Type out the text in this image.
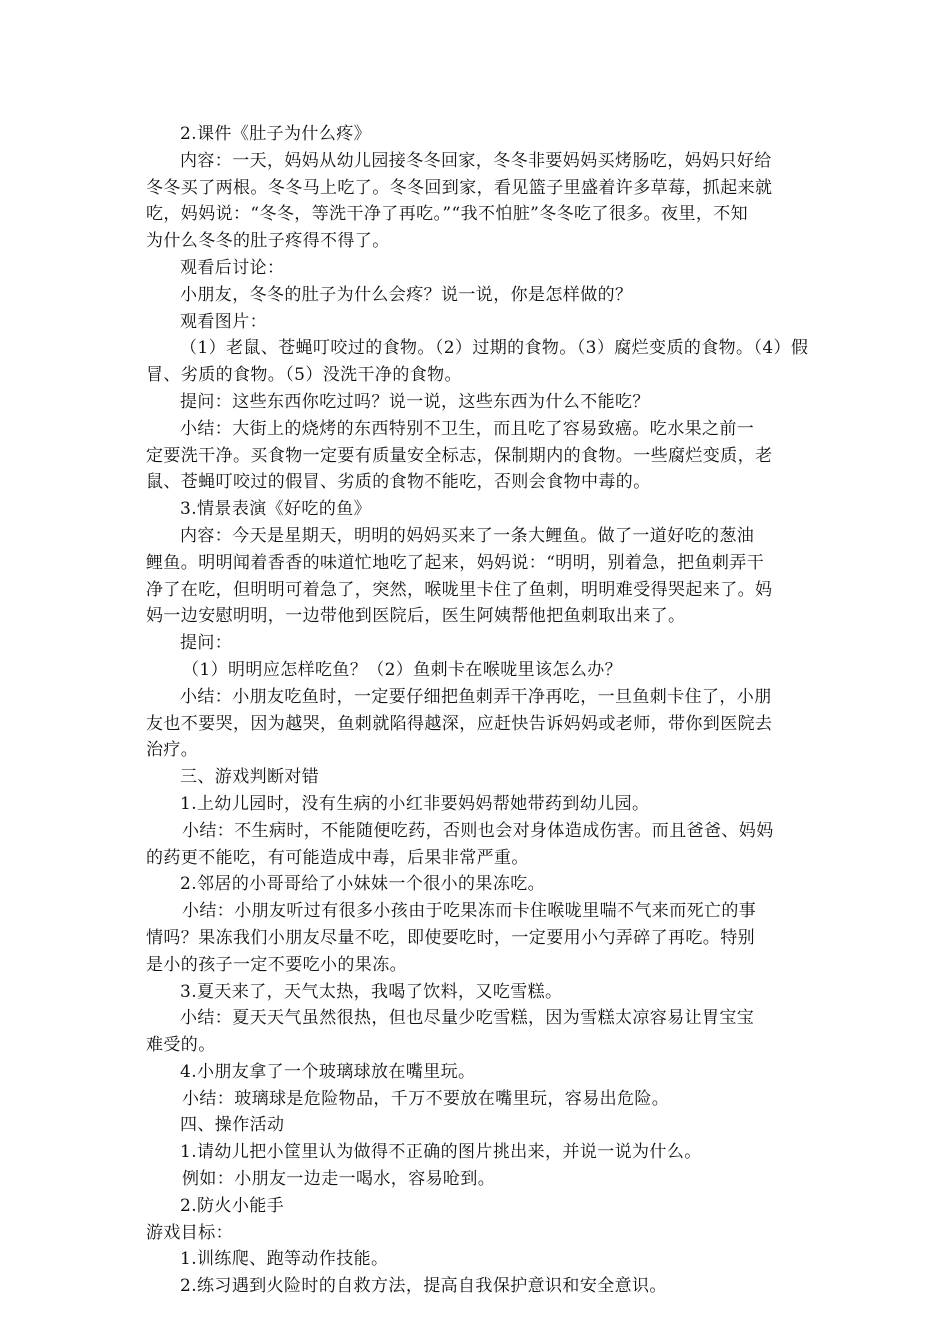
2.课件《肚子为什么疼》
内容：一天，妈妈从幼儿园接冬冬回家，冬冬非要妈妈买烤肠吃，妈妈只好给
冬冬买了两根。冬冬马上吃了。冬冬回到家，看见篮子里盛着许多草莓，抓起来就
吃，妈妈说：“冬冬，等洗干净了再吃。”“我不怕脏”冬冬吃了很多。夜里，不知
为什么冬冬的肚子疼得不得了。
观看后讨论：
小朋友，冬冬的肚子为什么会疼？说一说，你是怎样做的？
观看图片：
（1）老鼠、苍蝇叮咬过的食物。（2）过期的食物。（3）腐烂变质的食物。（4）假
冒、劣质的食物。（5）没洗干净的食物。
提问：这些东西你吃过吗？说一说，这些东西为什么不能吃？
小结：大街上的烧烤的东西特别不卫生，而且吃了容易致癌。吃水果之前一
定要洗干净。买食物一定要有质量安全标志，保制期内的食物。一些腐烂变质，老
鼠、苍蝇叮咬过的假冒、劣质的食物不能吃，否则会食物中毒的。
3.情景表演《好吃的鱼》
内容：今天是星期天，明明的妈妈买来了一条大鲤鱼。做了一道好吃的葱油
鲤鱼。明明闻着香香的味道忙地吃了起来，妈妈说：“明明，别着急，把鱼刺弄干
净了在吃，但明明可着急了，突然，喉咙里卡住了鱼刺，明明难受得哭起来了。妈
妈一边安慰明明，一边带他到医院后，医生阿姨帮他把鱼刺取出来了。
提问：
（1）明明应怎样吃鱼？（2）鱼刺卡在喉咙里该怎么办？
小结：小朋友吃鱼时，一定要仔细把鱼刺弄干净再吃，一旦鱼刺卡住了，小朋
友也不要哭，因为越哭，鱼刺就陷得越深，应赶快告诉妈妈或老师，带你到医院去
治疗。
三、游戏判断对错
1.上幼儿园时，没有生病的小红非要妈妈帮她带药到幼儿园。
小结：不生病时，不能随便吃药，否则也会对身体造成伤害。而且爸爸、妈妈
的药更不能吃，有可能造成中毒，后果非常严重。
2.邻居的小哥哥给了小妹妹一个很小的果冻吃。
小结：小朋友听过有很多小孩由于吃果冻而卡住喉咙里喘不气来而死亡的事
情吗？果冻我们小朋友尽量不吃，即使要吃时，一定要用小勺弄碎了再吃。特别
是小的孩子一定不要吃小的果冻。
3.夏天来了，天气太热，我喝了饮料，又吃雪糕。
小结：夏天天气虽然很热，但也尽量少吃雪糕，因为雪糕太凉容易让胃宝宝
难受的。
4.小朋友拿了一个玻璃球放在嘴里玩。
小结：玻璃球是危险物品，千万不要放在嘴里玩，容易出危险。
四、操作活动
1.请幼儿把小筐里认为做得不正确的图片挑出来，并说一说为什么。
例如：小朋友一边走一喝水，容易呛到。
2.防火小能手
游戏目标：
1.训练爬、跑等动作技能。
2.练习遇到火险时的自救方法，提高自我保护意识和安全意识。
